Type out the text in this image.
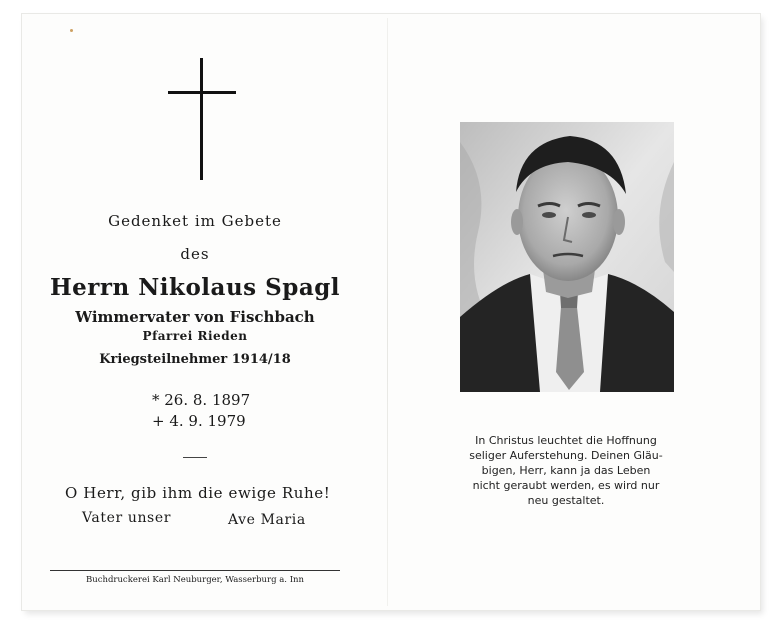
Gedenket im Gebete
des
Herrn Nikolaus Spagl
Wimmervater von Fischbach
Pfarrei Rieden
Kriegsteilnehmer 1914/18
* 26. 8. 1897
+ 4. 9. 1979
O Herr, gib ihm die ewige Ruhe!
Vater unser	Ave Maria
Buchdruckerei Karl Neuburger, Wasserburg a. Inn
In Christus leuchtet die Hoffnung
seliger Auferstehung. Deinen Gläu-
bigen, Herr, kann ja das Leben
nicht geraubt werden, es wird nur
neu gestaltet.
